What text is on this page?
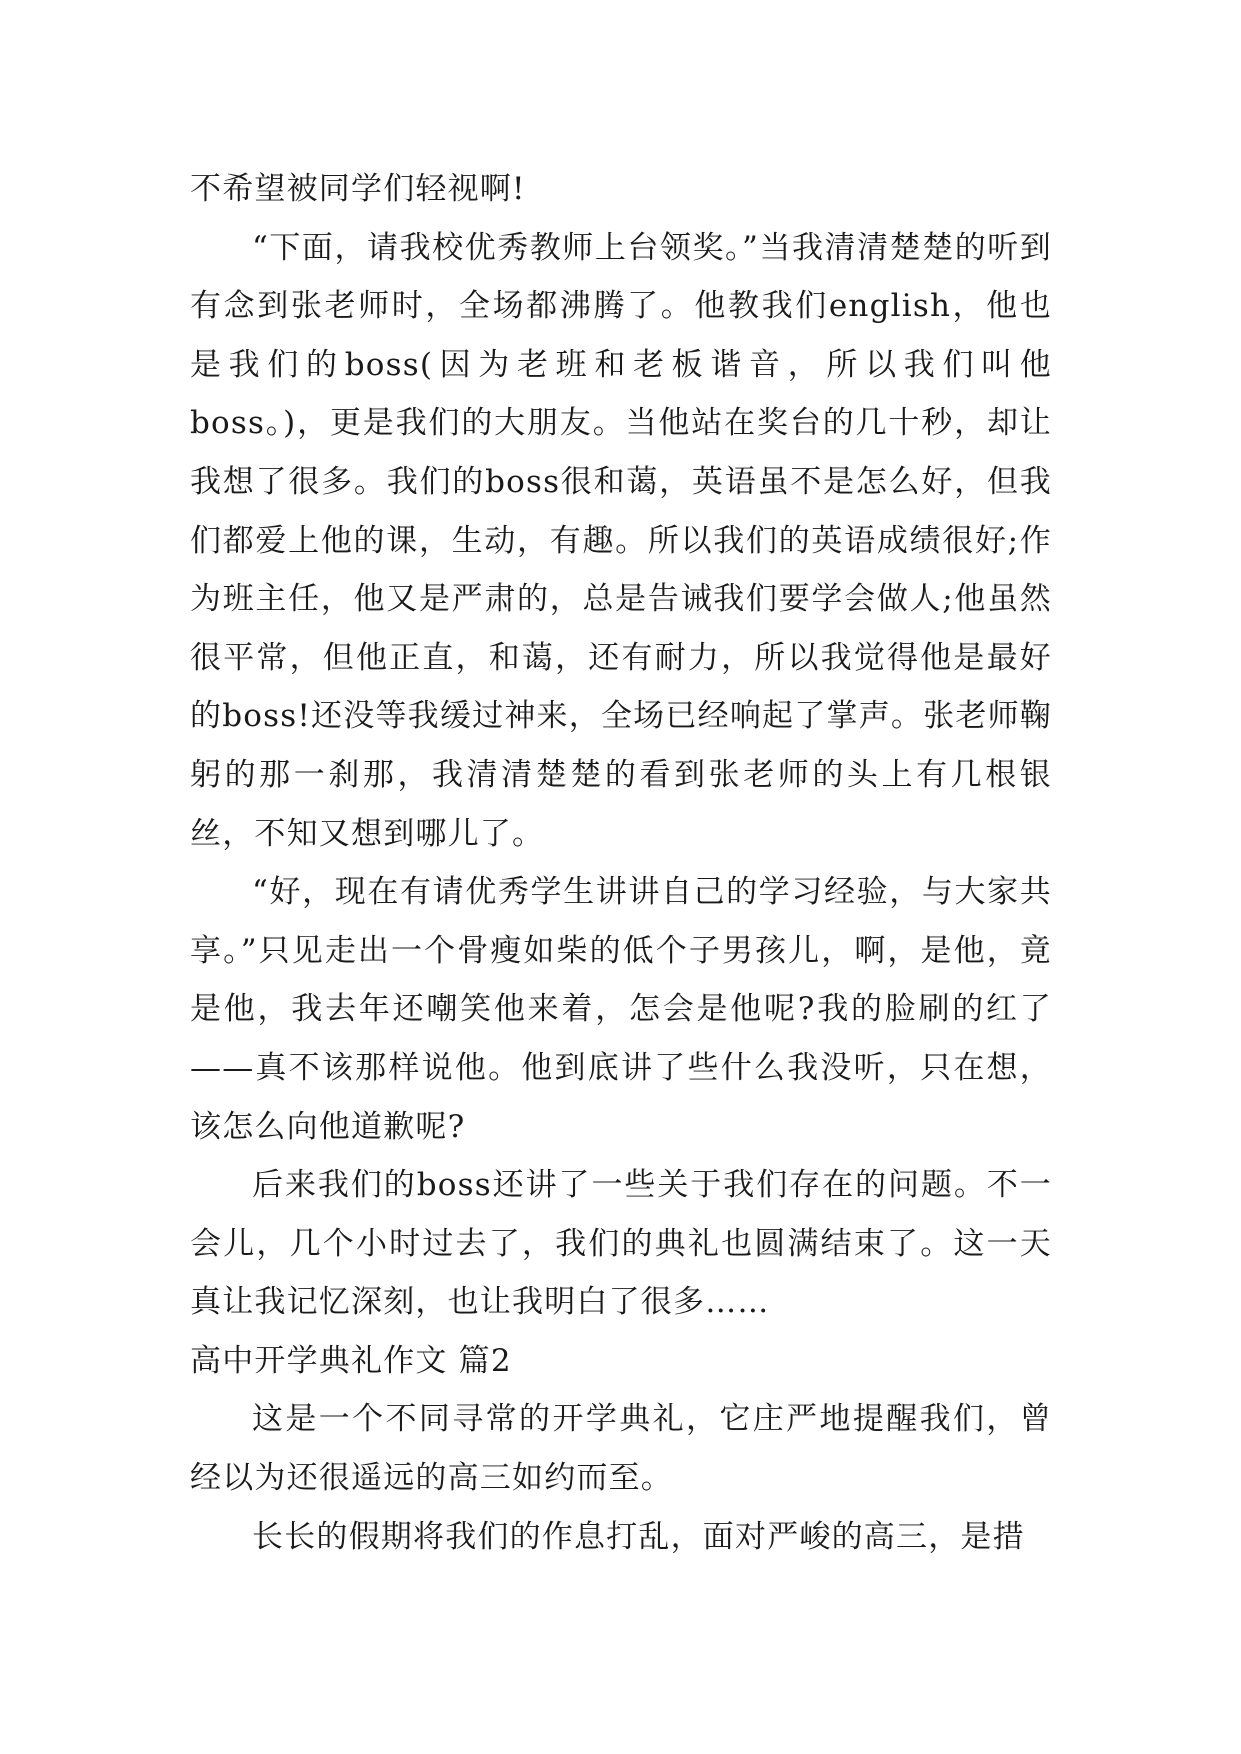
不希望被同学们轻视啊!

“下面，请我校优秀教师上台领奖。”当我清清楚楚的听到有念到张老师时，全场都沸腾了。他教我们english，他也是我们的boss(因为老班和老板谐音，所以我们叫他boss。)，更是我们的大朋友。当他站在奖台的几十秒，却让我想了很多。我们的boss很和蔼，英语虽不是怎么好，但我们都爱上他的课，生动，有趣。所以我们的英语成绩很好;作为班主任，他又是严肃的，总是告诫我们要学会做人;他虽然很平常，但他正直，和蔼，还有耐力，所以我觉得他是最好的boss!还没等我缓过神来，全场已经响起了掌声。张老师鞠躬的那一刹那，我清清楚楚的看到张老师的头上有几根银丝，不知又想到哪儿了。

“好，现在有请优秀学生讲讲自己的学习经验，与大家共享。”只见走出一个骨瘦如柴的低个子男孩儿，啊，是他，竟是他，我去年还嘲笑他来着，怎会是他呢?我的脸刷的红了——真不该那样说他。他到底讲了些什么我没听，只在想，该怎么向他道歉呢?

后来我们的boss还讲了一些关于我们存在的问题。不一会儿，几个小时过去了，我们的典礼也圆满结束了。这一天真让我记忆深刻，也让我明白了很多……

高中开学典礼作文 篇2

这是一个不同寻常的开学典礼，它庄严地提醒我们，曾经以为还很遥远的高三如约而至。

长长的假期将我们的作息打乱，面对严峻的高三，是措
